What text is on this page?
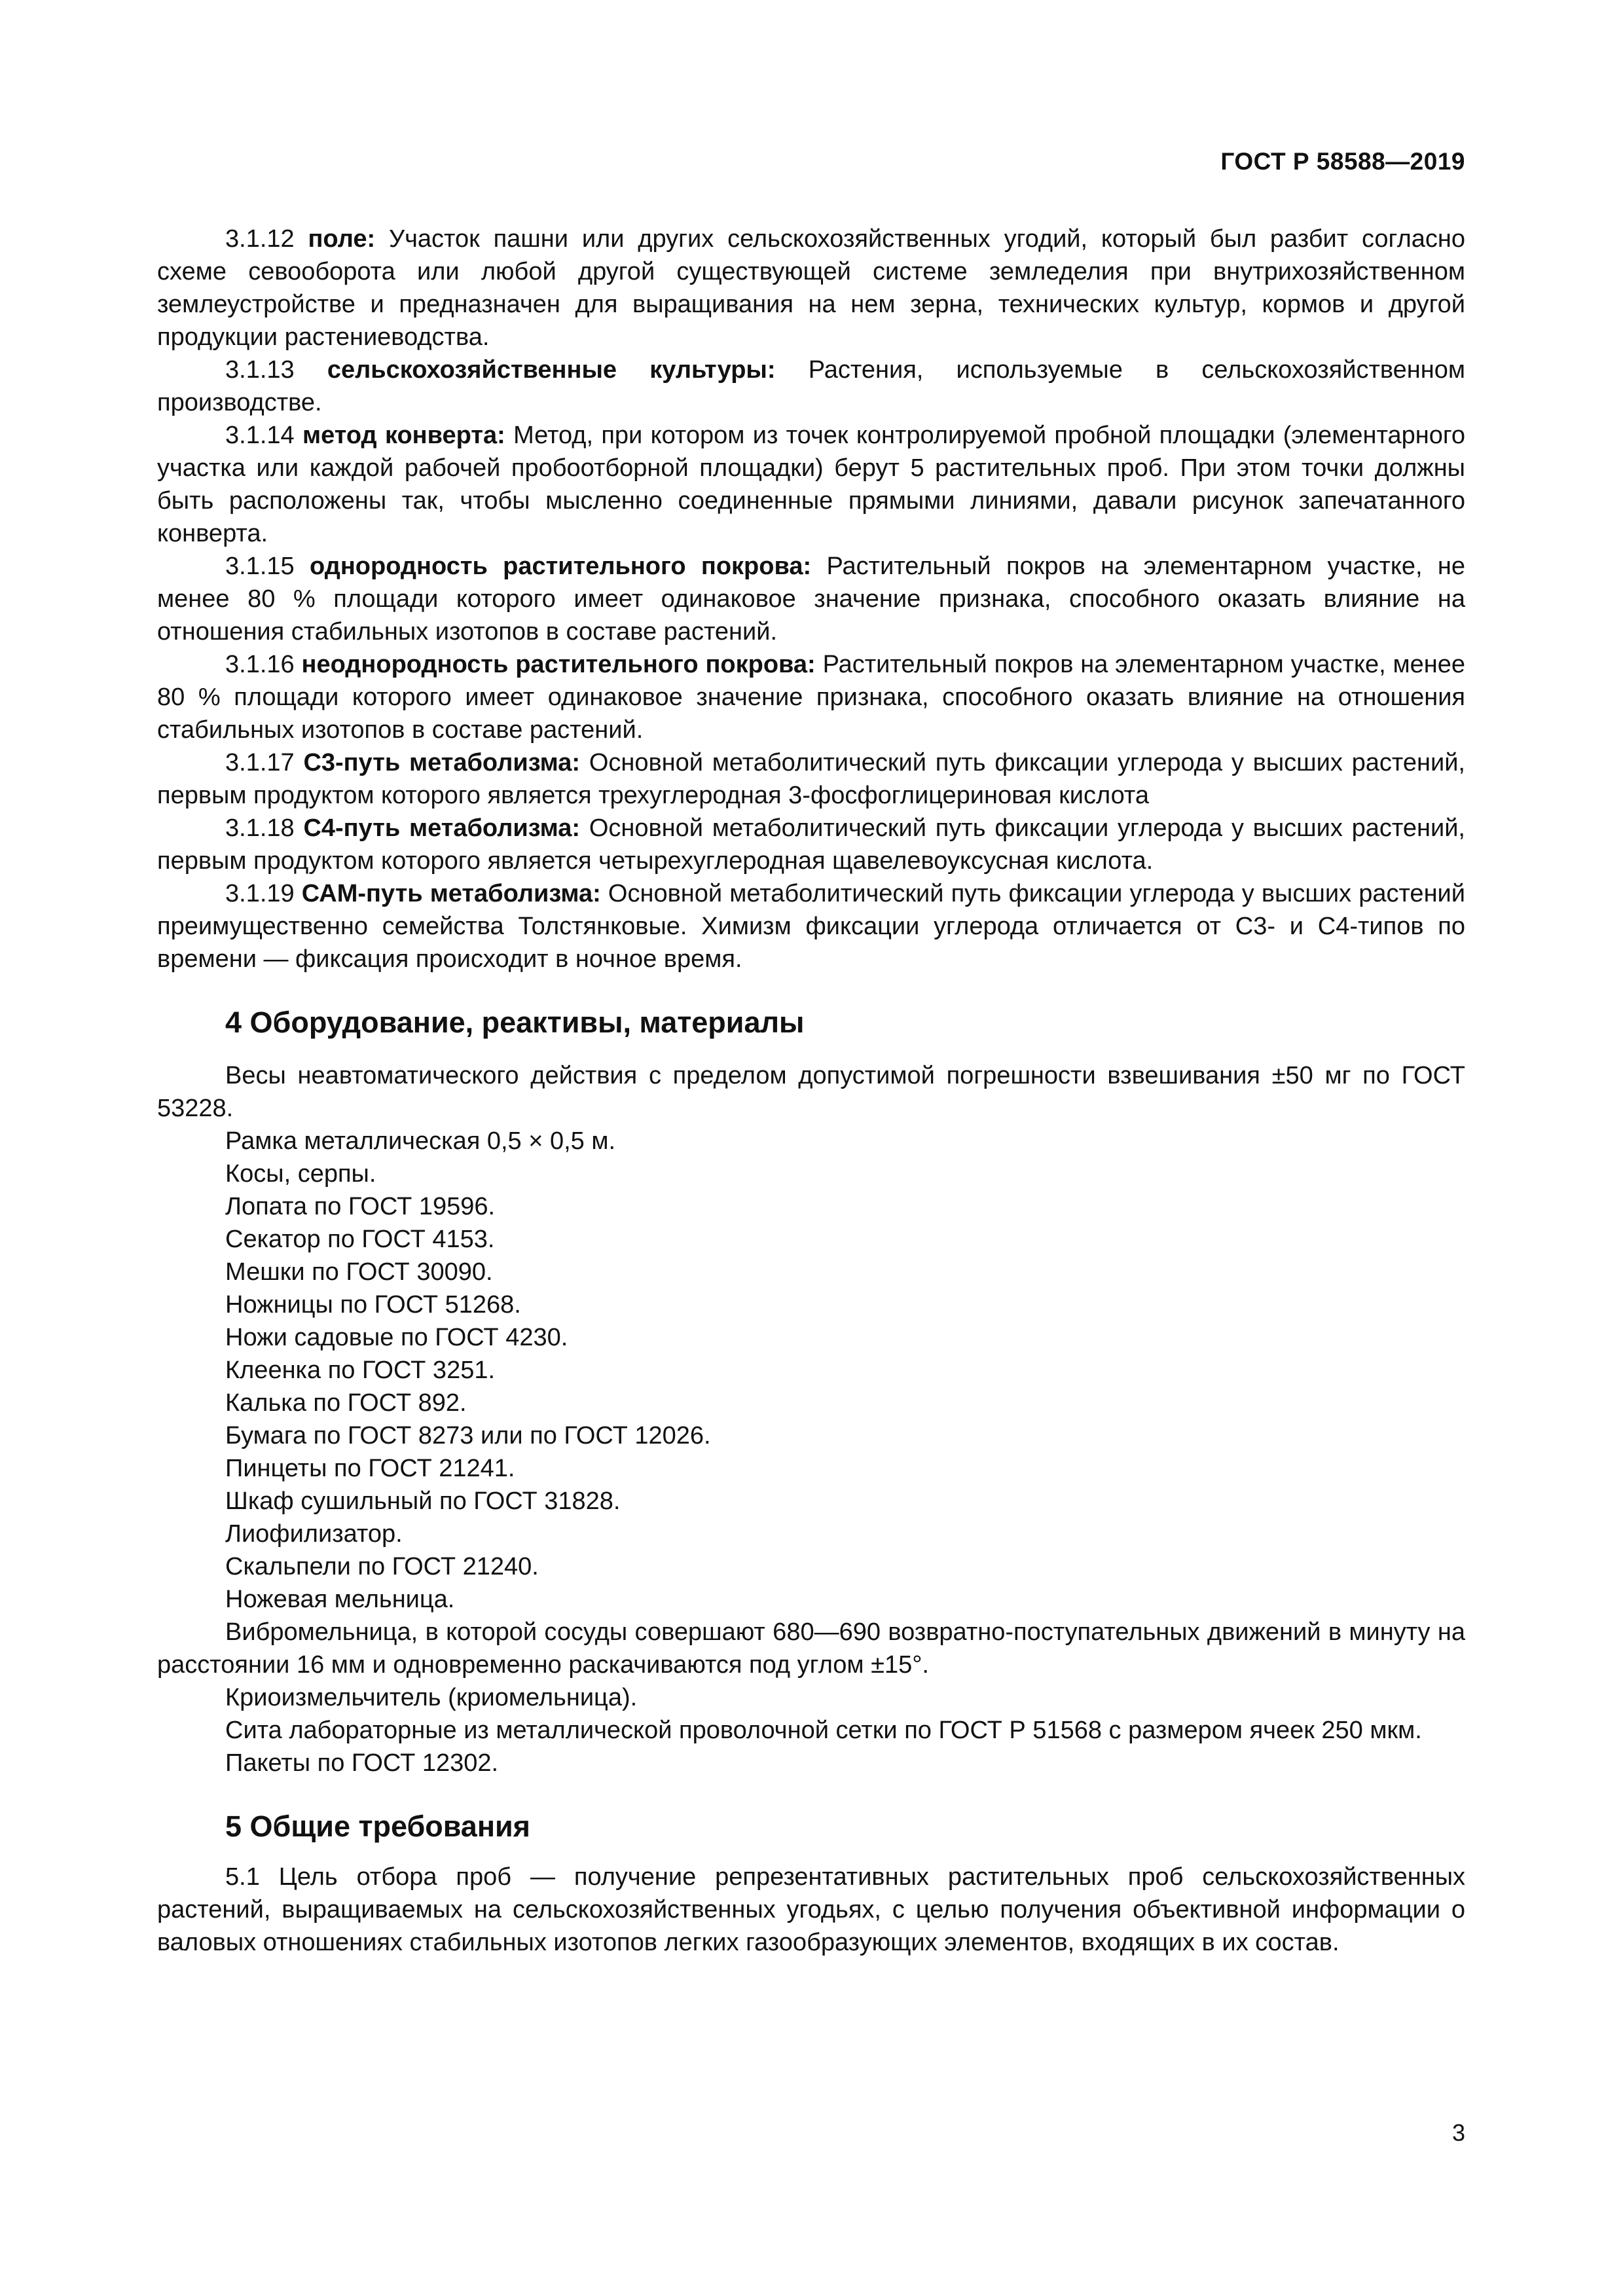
ГОСТ Р 58588—2019

3.1.12 поле: Участок пашни или других сельскохозяйственных угодий, который был разбит согласно схеме севооборота или любой другой существующей системе земледелия при внутрихозяйственном землеустройстве и предназначен для выращивания на нем зерна, технических культур, кормов и другой продукции растениеводства.

3.1.13 сельскохозяйственные культуры: Растения, используемые в сельскохозяйственном производстве.

3.1.14 метод конверта: Метод, при котором из точек контролируемой пробной площадки (элементарного участка или каждой рабочей пробоотборной площадки) берут 5 растительных проб. При этом точки должны быть расположены так, чтобы мысленно соединенные прямыми линиями, давали рисунок запечатанного конверта.

3.1.15 однородность растительного покрова: Растительный покров на элементарном участке, не менее 80 % площади которого имеет одинаковое значение признака, способного оказать влияние на отношения стабильных изотопов в составе растений.

3.1.16 неоднородность растительного покрова: Растительный покров на элементарном участке, менее 80 % площади которого имеет одинаковое значение признака, способного оказать влияние на отношения стабильных изотопов в составе растений.

3.1.17 С3-путь метаболизма: Основной метаболитический путь фиксации углерода у высших растений, первым продуктом которого является трехуглеродная 3-фосфоглицериновая кислота

3.1.18 С4-путь метаболизма: Основной метаболитический путь фиксации углерода у высших растений, первым продуктом которого является четырехуглеродная щавелевоуксусная кислота.

3.1.19 САМ-путь метаболизма: Основной метаболитический путь фиксации углерода у высших растений преимущественно семейства Толстянковые. Химизм фиксации углерода отличается от С3- и С4-типов по времени — фиксация происходит в ночное время.

4 Оборудование, реактивы, материалы

Весы неавтоматического действия с пределом допустимой погрешности взвешивания ±50 мг по ГОСТ 53228.

Рамка металлическая 0,5 × 0,5 м.

Косы, серпы.

Лопата по ГОСТ 19596.

Секатор по ГОСТ 4153.

Мешки по ГОСТ 30090.

Ножницы по ГОСТ 51268.

Ножи садовые по ГОСТ 4230.

Клеенка по ГОСТ 3251.

Калька по ГОСТ 892.

Бумага по ГОСТ 8273 или по ГОСТ 12026.

Пинцеты по ГОСТ 21241.

Шкаф сушильный по ГОСТ 31828.

Лиофилизатор.

Скальпели по ГОСТ 21240.

Ножевая мельница.

Вибромельница, в которой сосуды совершают 680—690 возвратно-поступательных движений в минуту на расстоянии 16 мм и одновременно раскачиваются под углом ±15°.

Криоизмельчитель (криомельница).

Сита лабораторные из металлической проволочной сетки по ГОСТ Р 51568 с размером ячеек 250 мкм.

Пакеты по ГОСТ 12302.

5 Общие требования

5.1 Цель отбора проб — получение репрезентативных растительных проб сельскохозяйственных растений, выращиваемых на сельскохозяйственных угодьях, с целью получения объективной информации о валовых отношениях стабильных изотопов легких газообразующих элементов, входящих в их состав.

3
